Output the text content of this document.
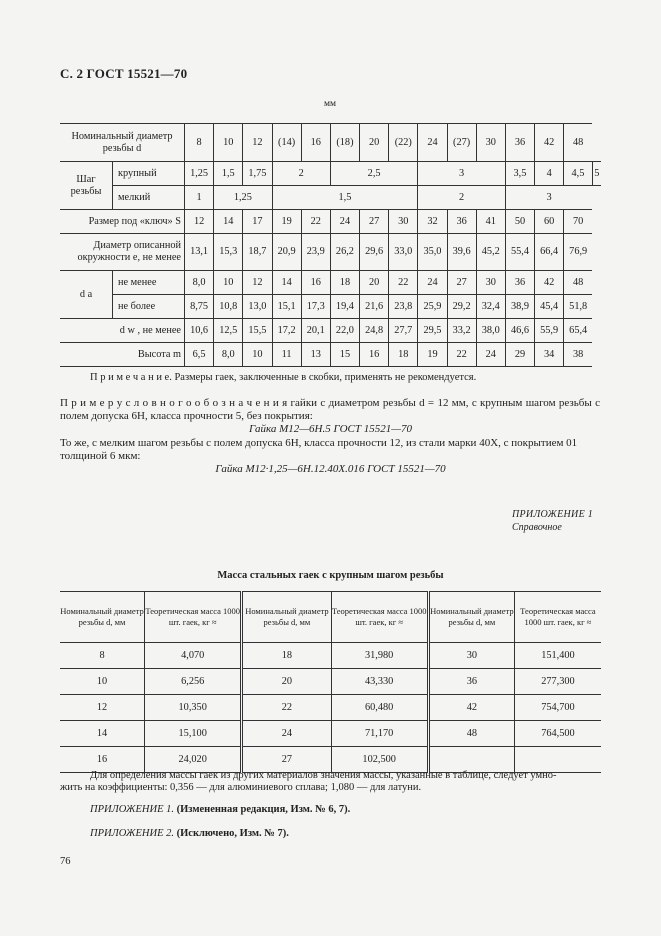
С. 2 ГОСТ 15521—70
мм
Номинальный диаметр резьбы d		8	10	12	(14)	16	(18)	20	(22)	24	(27)	30	36	42	48	
Шаг резьбы	крупный	1,25	1,5	1,75	2		2,5			3			3,5	4	4,5	5
	мелкий	1	1,25		1,5					2			3			
Размер под «ключ» S		12	14	17	19	22	24	27	30	32	36	41	50	60	70	
Диаметр описанной окружности e, не менее		13,1	15,3	18,7	20,9	23,9	26,2	29,6	33,0	35,0	39,6	45,2	55,4	66,4	76,9	
d a	не менее	8,0	10	12	14	16	18	20	22	24	27	30	36	42	48	
	не более	8,75	10,8	13,0	15,1	17,3	19,4	21,6	23,8	25,9	29,2	32,4	38,9	45,4	51,8	
d w , не менее		10,6	12,5	15,5	17,2	20,1	22,0	24,8	27,7	29,5	33,2	38,0	46,6	55,9	65,4	
Высота m		6,5	8,0	10	11	13	15	16	18	19	22	24	29	34	38	
П р и м е ч а н и е. Размеры гаек, заключенные в скобки, применять не рекомендуется.
П р и м е р у с л о в н о г о о б о з н а ч е н и я гайки с диаметром резьбы d = 12 мм, с крупным шагом резьбы с полем допуска 6Н, класса прочности 5, без покрытия:
Гайка М12—6Н.5 ГОСТ 15521—70
То же, с мелким шагом резьбы с полем допуска 6Н, класса прочности 12, из стали марки 40Х, с покрытием 01 толщиной 6 мкм:
Гайка М12·1,25—6Н.12.40Х.016 ГОСТ 15521—70
ПРИЛОЖЕНИЕ 1
Справочное
Масса стальных гаек с крупным шагом резьбы
Номинальный диаметр резьбы d, мм	Теоретическая масса 1000 шт. гаек, кг ≈	Номинальный диаметр резьбы d, мм	Теоретическая масса 1000 шт. гаек, кг ≈	Номинальный диаметр резьбы d, мм	Теоретическая масса 1000 шт. гаек, кг ≈
8	4,070	18	31,980	30	151,400
10	6,256	20	43,330	36	277,300
12	10,350	22	60,480	42	754,700
14	15,100	24	71,170	48	764,500
16	24,020	27	102,500		
Для определения массы гаек из других материалов значения массы, указанные в таблице, следует умно-
жить на коэффициенты: 0,356 — для алюминиевого сплава; 1,080 — для латуни.
ПРИЛОЖЕНИЕ 1. (Измененная редакция, Изм. № 6, 7).
ПРИЛОЖЕНИЕ 2. (Исключено, Изм. № 7).
76
